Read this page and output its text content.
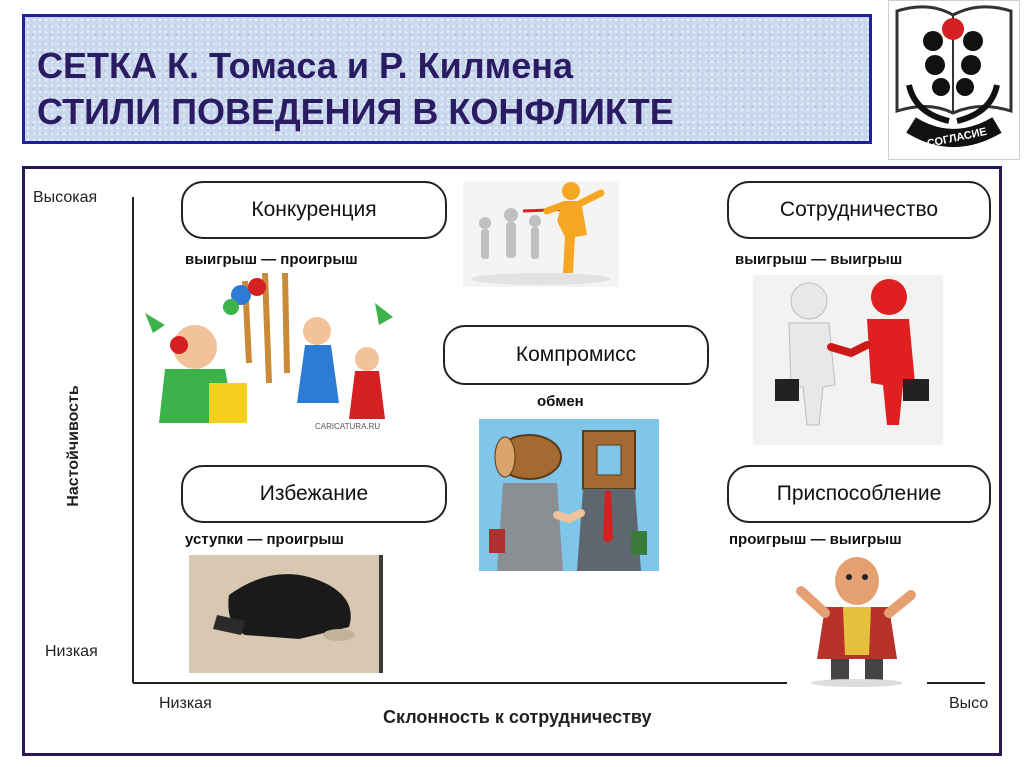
СЕТКА К. Томаса и Р. Килмена
СТИЛИ ПОВЕДЕНИЯ В КОНФЛИКТЕ
СОГЛАСИЕ
Высокая
Низкая
Настойчивость
Низкая	Высо
Склонность к сотрудничеству
Конкуренция
выигрыш — проигрыш
Сотрудничество
выигрыш — выигрыш
Компромисс
обмен
Избежание
уступки — проигрыш
Приспособление
проигрыш — выигрыш
CARICATURA.RU
